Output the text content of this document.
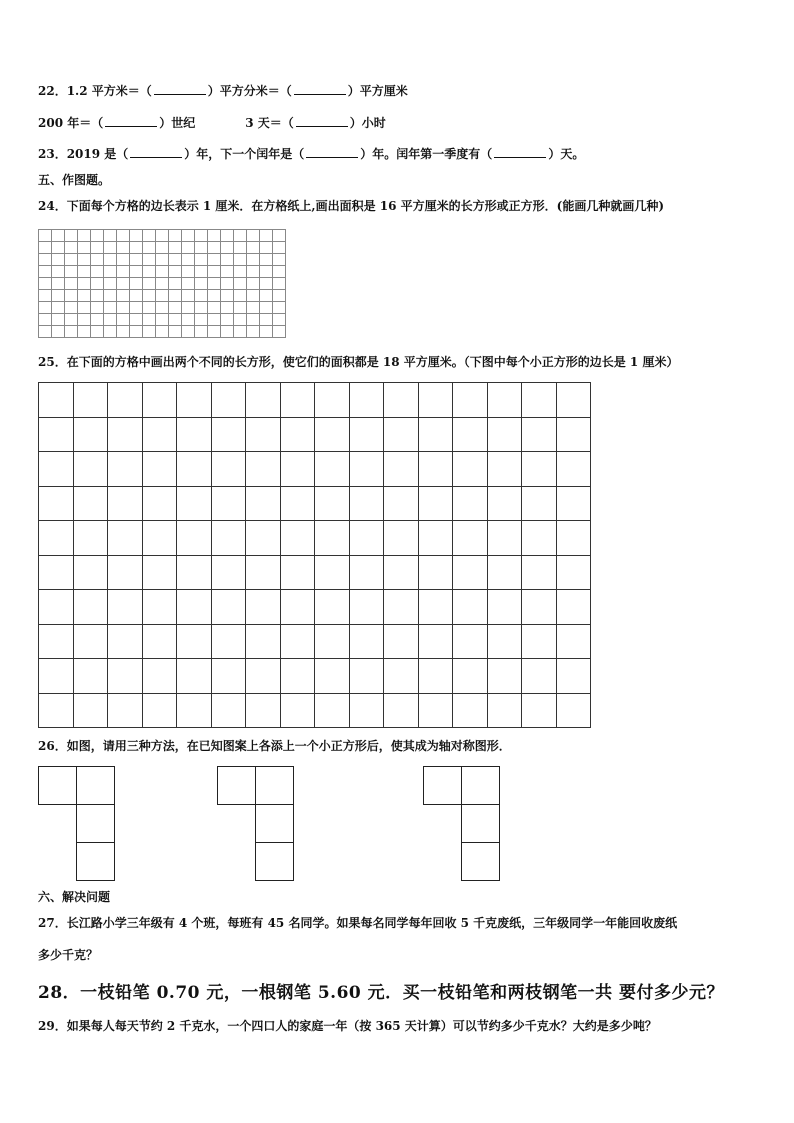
22．1.2 平方米＝（	）平方分米＝（	）平方厘米
200 年＝（	）世纪	3 天＝（	）小时
23．2019 是（	）年，下一个闰年是（	）年。闰年第一季度有（	）天。
五、作图题。
24．下面每个方格的边长表示 1 厘米．在方格纸上,画出面积是 16 平方厘米的长方形或正方形．(能画几种就画几种)
25．在下面的方格中画出两个不同的长方形，使它们的面积都是 18 平方厘米。（下图中每个小正方形的边长是 1 厘米）
26．如图，请用三种方法，在已知图案上各添上一个小正方形后，使其成为轴对称图形．
六、解决问题
27．长江路小学三年级有 4 个班，每班有 45 名同学。如果每名同学每年回收 5 千克废纸，三年级同学一年能回收废纸
多少千克？
28．一枝铅笔 0.70 元，一根钢笔 5.60 元．买一枝铅笔和两枝钢笔一共 要付多少元？
29．如果每人每天节约 2 千克水，一个四口人的家庭一年（按 365 天计算）可以节约多少千克水？大约是多少吨？
